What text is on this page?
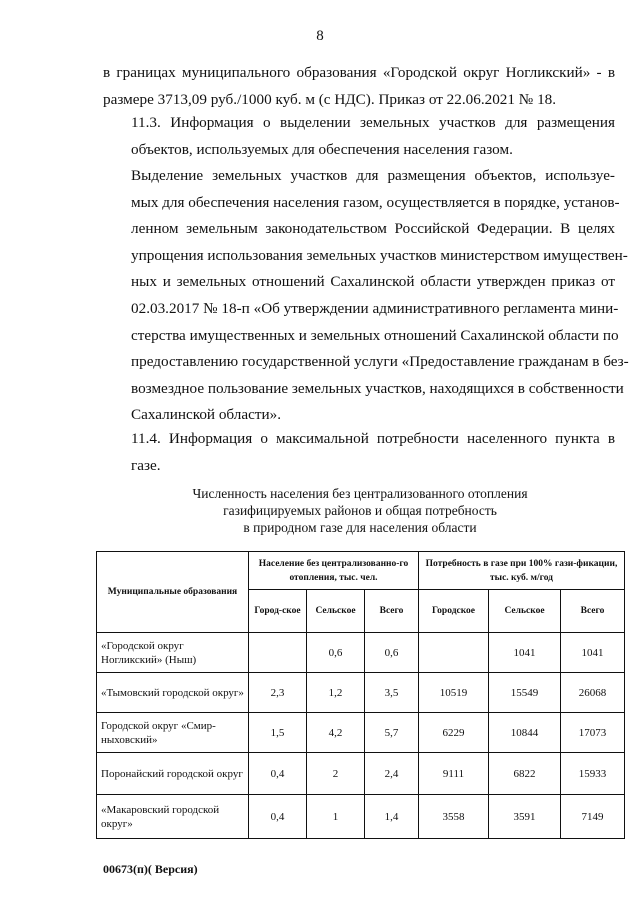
8

в границах муниципального образования «Городской округ Ногликский» - в
размере 3713,09 руб./1000 куб. м (с НДС). Приказ от 22.06.2021 № 18.

11.3. Информация о выделении земельных участков для размещения
объектов, используемых для обеспечения населения газом.

Выделение земельных участков для размещения объектов, используе-
мых для обеспечения населения газом, осуществляется в порядке, установ-
ленном земельным законодательством Российской Федерации. В целях
упрощения использования земельных участков министерством имуществен-
ных и земельных отношений Сахалинской области утвержден приказ от
02.03.2017 № 18-п «Об утверждении административного регламента мини-
стерства имущественных и земельных отношений Сахалинской области по
предоставлению государственной услуги «Предоставление гражданам в без-
возмездное пользование земельных участков, находящихся в собственности
Сахалинской области».

11.4. Информация о максимальной потребности населенного пункта в
газе.

Численность населения без централизованного отопления
газифицируемых районов и общая потребность
в природном газе для населения области
Муниципальные образования	Население без централизованно-го отопления, тыс. чел.			Потребность в газе при 100% гази-фикации, тыс. куб. м/год		
	Город-ское	Сельское	Всего	Городское	Сельское	Всего
«Городской округ Ногликский» (Ныш)		0,6	0,6		1041	1041
«Тымовский городской округ»	2,3	1,2	3,5	10519	15549	26068
Городской округ «Смир-ныховский»	1,5	4,2	5,7	6229	10844	17073
Поронайский городской округ	0,4	2	2,4	9111	6822	15933
«Макаровский городской округ»	0,4	1	1,4	3558	3591	7149
00673(п)( Версия)
